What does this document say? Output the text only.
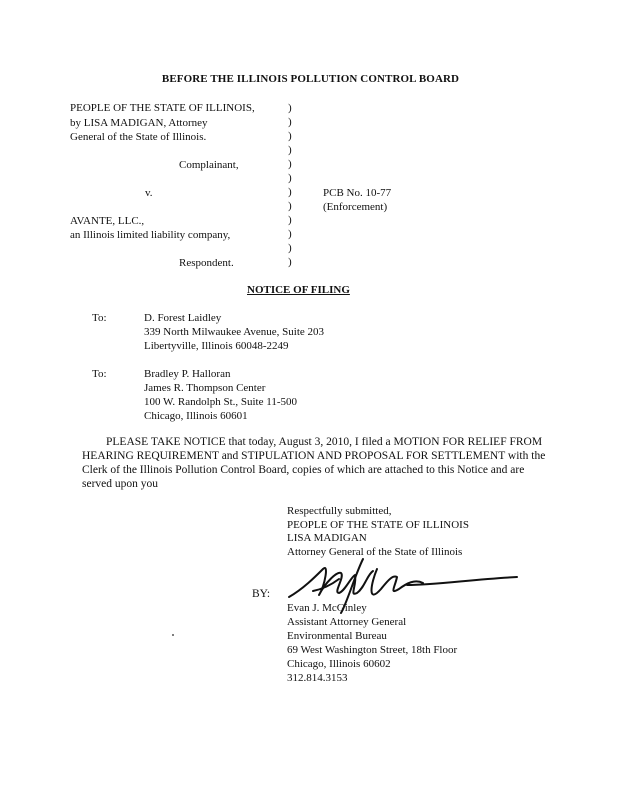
BEFORE THE ILLINOIS POLLUTION CONTROL BOARD
PEOPLE OF THE STATE OF ILLINOIS,
by LISA MADIGAN, Attorney
General of the State of Illinois.
Complainant,
v.
AVANTE, LLC.,
an Illinois limited liability company,
Respondent.
)
)
)
)
)
)
)
)
)
)
)
)
PCB No. 10-77
(Enforcement)
NOTICE OF FILING
To:	D. Forest Laidley
339 North Milwaukee Avenue, Suite 203
Libertyville, Illinois 60048-2249
To:	Bradley P. Halloran
James R. Thompson Center
100 W. Randolph St., Suite 11-500
Chicago, Illinois 60601
PLEASE TAKE NOTICE that today, August 3, 2010, I filed a MOTION FOR RELIEF FROM HEARING REQUIREMENT and STIPULATION AND PROPOSAL FOR SETTLEMENT with the Clerk of the Illinois Pollution Control Board, copies of which are attached to this Notice and are served upon you
Respectfully submitted,
PEOPLE OF THE STATE OF ILLINOIS
LISA MADIGAN
Attorney General of the State of Illinois
BY:
Evan J. McGinley
Assistant Attorney General
Environmental Bureau
69 West Washington Street, 18th Floor
Chicago, Illinois 60602
312.814.3153
